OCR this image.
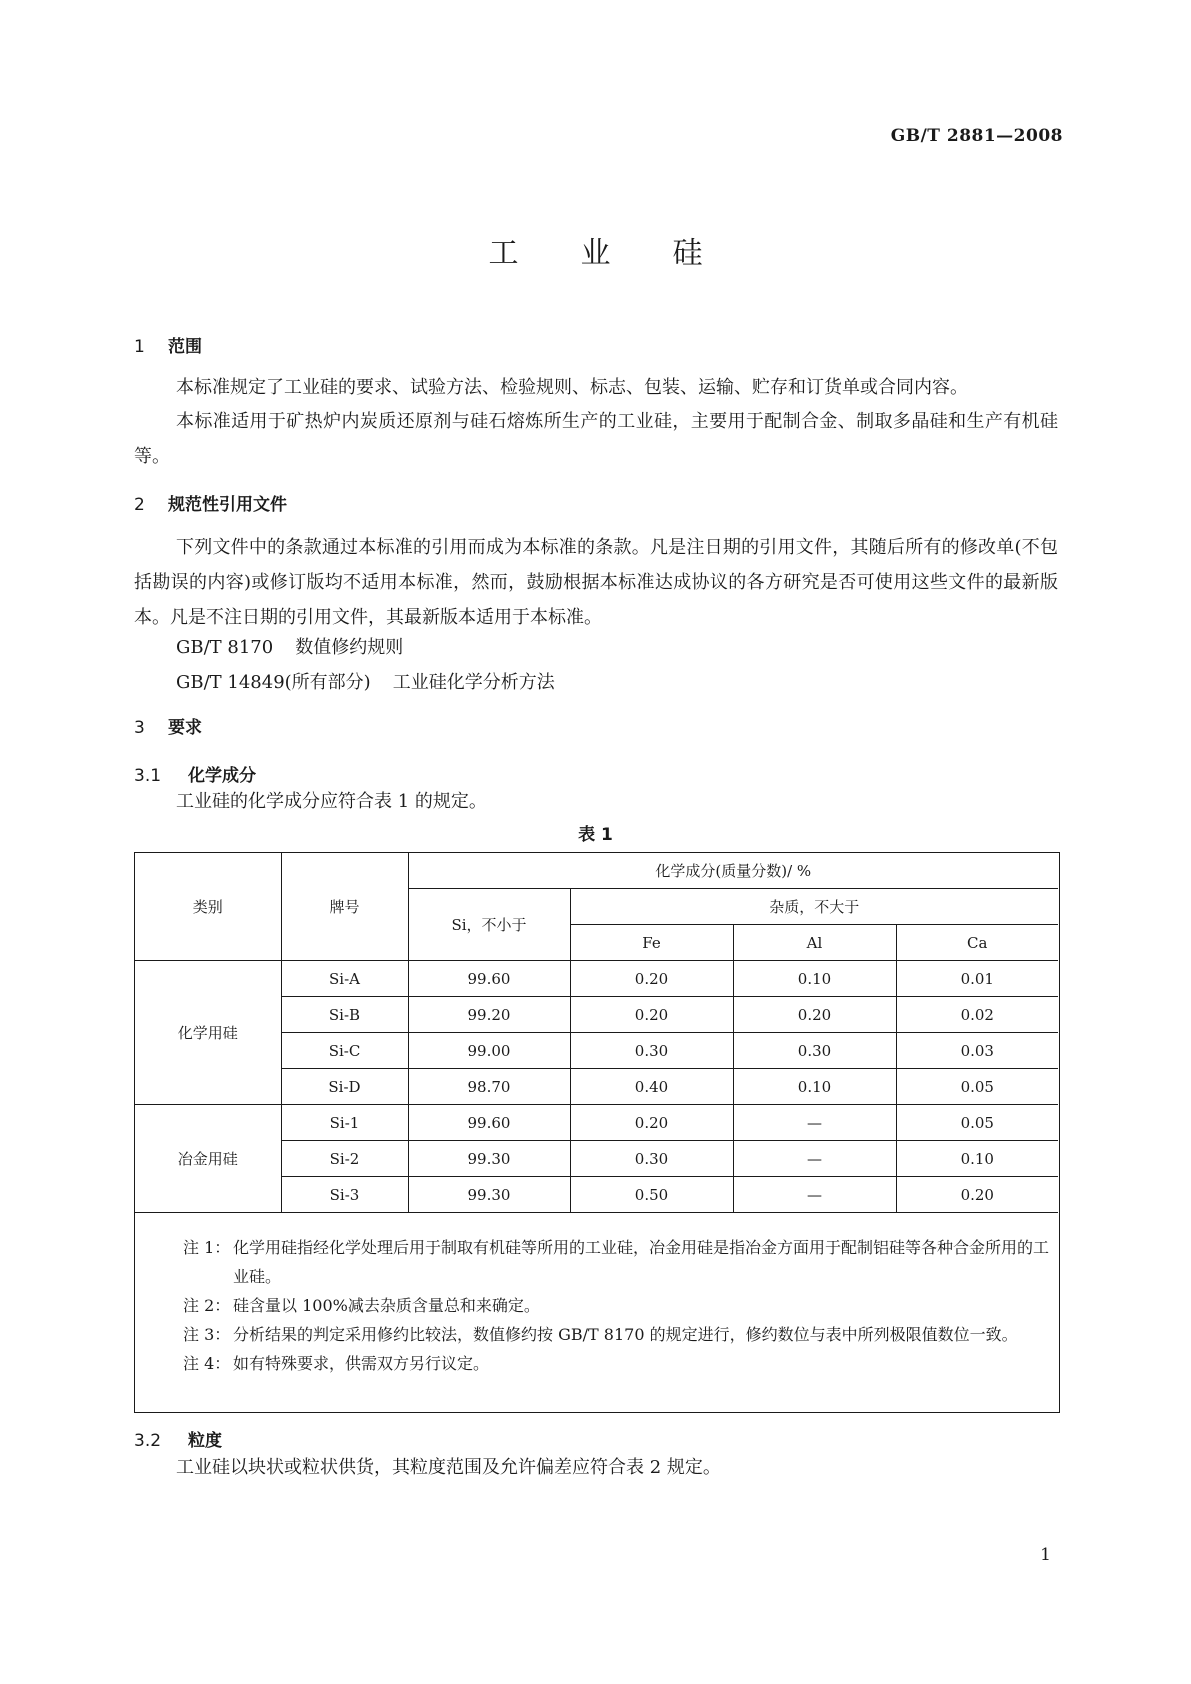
GB/T 2881—2008
工业硅
1 范围

本标准规定了工业硅的要求、试验方法、检验规则、标志、包装、运输、贮存和订货单或合同内容。

本标准适用于矿热炉内炭质还原剂与硅石熔炼所生产的工业硅，主要用于配制合金、制取多晶硅和生产有机硅等。

2 规范性引用文件

下列文件中的条款通过本标准的引用而成为本标准的条款。凡是注日期的引用文件，其随后所有的修改单(不包括勘误的内容)或修订版均不适用本标准，然而，鼓励根据本标准达成协议的各方研究是否可使用这些文件的最新版本。凡是不注日期的引用文件，其最新版本适用于本标准。

GB/T 8170 数值修约规则

GB/T 14849(所有部分) 工业硅化学分析方法

3 要求
3.1 化学成分

工业硅的化学成分应符合表 1 的规定。

表 1
类别	牌号	化学成分(质量分数)/ %			
		Si，不小于	杂质，不大于		
			Fe	Al	Ca
化学用硅	Si-A	99.60	0.20	0.10	0.01
	Si-B	99.20	0.20	0.20	0.02
	Si-C	99.00	0.30	0.30	0.03
	Si-D	98.70	0.40	0.10	0.05
冶金用硅	Si-1	99.60	0.20	—	0.05
	Si-2	99.30	0.30	—	0.10
	Si-3	99.30	0.50	—	0.20

注 1： 化学用硅指经化学处理后用于制取有机硅等所用的工业硅，冶金用硅是指冶金方面用于配制铝硅等各种合金所用的工业硅。

注 2： 硅含量以 100%减去杂质含量总和来确定。

注 3： 分析结果的判定采用修约比较法，数值修约按 GB/T 8170 的规定进行，修约数位与表中所列极限值数位一致。

注 4： 如有特殊要求，供需双方另行议定。

3.2 粒度

工业硅以块状或粒状供货，其粒度范围及允许偏差应符合表 2 规定。

1
